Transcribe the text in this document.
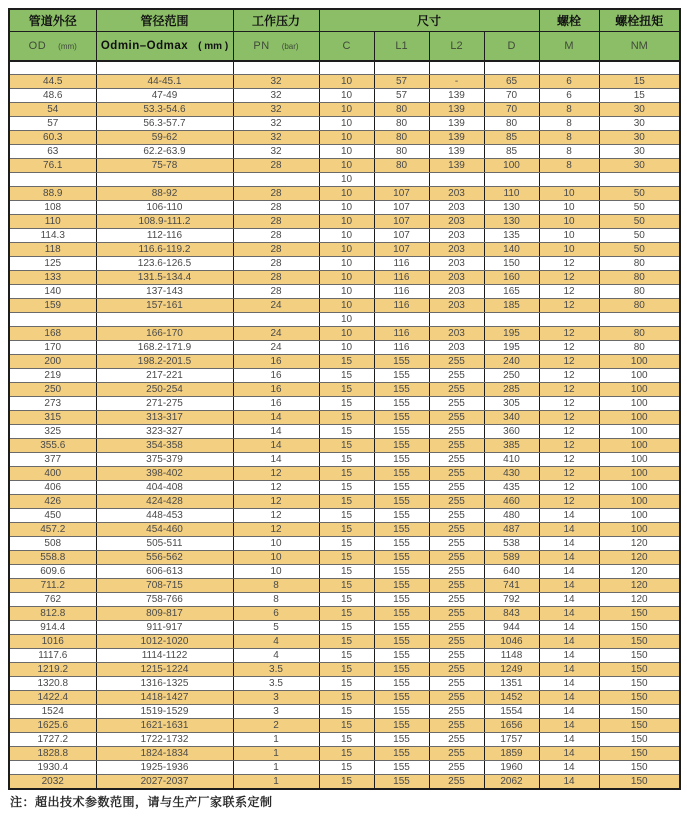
管道外径	管径范围	工作压力	尺寸				螺栓	螺栓扭矩
OD (mm)	Odmin–Odmax ( mm )	PN (bar)	C	L1	L2	D	M	NM

44.5	44-45.1	32	10	57	-	65	6	15
48.6	47-49	32	10	57	139	70	6	15
54	53.3-54.6	32	10	80	139	70	8	30
57	56.3-57.7	32	10	80	139	80	8	30
60.3	59-62	32	10	80	139	85	8	30
63	62.2-63.9	32	10	80	139	85	8	30
76.1	75-78	28	10	80	139	100	8	30
			10					
88.9	88-92	28	10	107	203	110	10	50
108	106-110	28	10	107	203	130	10	50
110	108.9-111.2	28	10	107	203	130	10	50
114.3	112-116	28	10	107	203	135	10	50
118	116.6-119.2	28	10	107	203	140	10	50
125	123.6-126.5	28	10	116	203	150	12	80
133	131.5-134.4	28	10	116	203	160	12	80
140	137-143	28	10	116	203	165	12	80
159	157-161	24	10	116	203	185	12	80
			10					
168	166-170	24	10	116	203	195	12	80
170	168.2-171.9	24	10	116	203	195	12	80
200	198.2-201.5	16	15	155	255	240	12	100
219	217-221	16	15	155	255	250	12	100
250	250-254	16	15	155	255	285	12	100
273	271-275	16	15	155	255	305	12	100
315	313-317	14	15	155	255	340	12	100
325	323-327	14	15	155	255	360	12	100
355.6	354-358	14	15	155	255	385	12	100
377	375-379	14	15	155	255	410	12	100
400	398-402	12	15	155	255	430	12	100
406	404-408	12	15	155	255	435	12	100
426	424-428	12	15	155	255	460	12	100
450	448-453	12	15	155	255	480	14	100
457.2	454-460	12	15	155	255	487	14	100
508	505-511	10	15	155	255	538	14	120
558.8	556-562	10	15	155	255	589	14	120
609.6	606-613	10	15	155	255	640	14	120
711.2	708-715	8	15	155	255	741	14	120
762	758-766	8	15	155	255	792	14	120
812.8	809-817	6	15	155	255	843	14	150
914.4	911-917	5	15	155	255	944	14	150
1016	1012-1020	4	15	155	255	1046	14	150
1117.6	1114-1122	4	15	155	255	1148	14	150
1219.2	1215-1224	3.5	15	155	255	1249	14	150
1320.8	1316-1325	3.5	15	155	255	1351	14	150
1422.4	1418-1427	3	15	155	255	1452	14	150
1524	1519-1529	3	15	155	255	1554	14	150
1625.6	1621-1631	2	15	155	255	1656	14	150
1727.2	1722-1732	1	15	155	255	1757	14	150
1828.8	1824-1834	1	15	155	255	1859	14	150
1930.4	1925-1936	1	15	155	255	1960	14	150
2032	2027-2037	1	15	155	255	2062	14	150
注：超出技术参数范围，请与生产厂家联系定制
